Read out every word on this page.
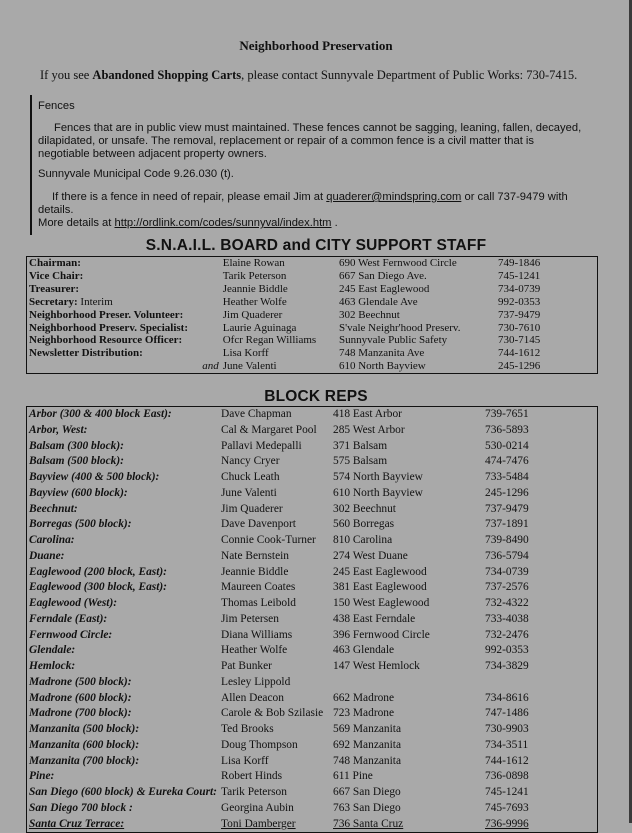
Neighborhood Preservation
If you see Abandoned Shopping Carts, please contact Sunnyvale Department of Public Works: 730-7415.

Fences

Fences that are in public view must maintained. These fences cannot be sagging, leaning, fallen, decayed, dilapidated, or unsafe. The removal, replacement or repair of a common fence is a civil matter that is negotiable between adjacent property owners.

Sunnyvale Municipal Code 9.26.030 (t).

If there is a fence in need of repair, please email Jim at quaderer@mindspring.com or call 737-9479 with details.
More details at http://ordlink.com/codes/sunnyval/index.htm .

S.N.A.I.L. BOARD and CITY SUPPORT STAFF
Chairman:	Elaine Rowan	690 West Fernwood Circle	749-1846
Vice Chair:	Tarik Peterson	667 San Diego Ave.	745-1241
Treasurer:	Jeannie Biddle	245 East Eaglewood	734-0739
Secretary: Interim	Heather Wolfe	463 Glendale Ave	992-0353
Neighborhood Preser. Volunteer:	Jim Quaderer	302 Beechnut	737-9479
Neighborhood Preserv. Specialist:	Laurie Aguinaga	S'vale Neighr'hood Preserv.	730-7610
Neighborhood Resource Officer:	Ofcr Regan Williams	Sunnyvale Public Safety	730-7145
Newsletter Distribution:	Lisa Korff	748 Manzanita Ave	744-1612
and	June Valenti	610 North Bayview	245-1296
BLOCK REPS
Arbor (300 & 400 block East):	Dave Chapman	418 East Arbor	739-7651
Arbor, West:	Cal & Margaret Pool	285 West Arbor	736-5893
Balsam (300 block):	Pallavi Medepalli	371 Balsam	530-0214
Balsam (500 block):	Nancy Cryer	575 Balsam	474-7476
Bayview (400 & 500 block):	Chuck Leath	574 North Bayview	733-5484
Bayview (600 block):	June Valenti	610 North Bayview	245-1296
Beechnut:	Jim Quaderer	302 Beechnut	737-9479
Borregas (500 block):	Dave Davenport	560 Borregas	737-1891
Carolina:	Connie Cook-Turner	810 Carolina	739-8490
Duane:	Nate Bernstein	274 West Duane	736-5794
Eaglewood (200 block, East):	Jeannie Biddle	245 East Eaglewood	734-0739
Eaglewood (300 block, East):	Maureen Coates	381 East Eaglewood	737-2576
Eaglewood (West):	Thomas Leibold	150 West Eaglewood	732-4322
Ferndale (East):	Jim Petersen	438 East Ferndale	733-4038
Fernwood Circle:	Diana Williams	396 Fernwood Circle	732-2476
Glendale:	Heather Wolfe	463 Glendale	992-0353
Hemlock:	Pat Bunker	147 West Hemlock	734-3829
Madrone (500 block):	Lesley Lippold		
Madrone (600 block):	Allen Deacon	662 Madrone	734-8616
Madrone (700 block):	Carole & Bob Szilasie	723 Madrone	747-1486
Manzanita (500 block):	Ted Brooks	569 Manzanita	730-9903
Manzanita (600 block):	Doug Thompson	692 Manzanita	734-3511
Manzanita (700 block):	Lisa Korff	748 Manzanita	744-1612
Pine:	Robert Hinds	611 Pine	736-0898
San Diego (600 block) & Eureka Court:	Tarik Peterson	667 San Diego	745-1241
San Diego 700 block :	Georgina Aubin	763 San Diego	745-7693
Santa Cruz Terrace:	Toni Damberger	736 Santa Cruz	736-9996
